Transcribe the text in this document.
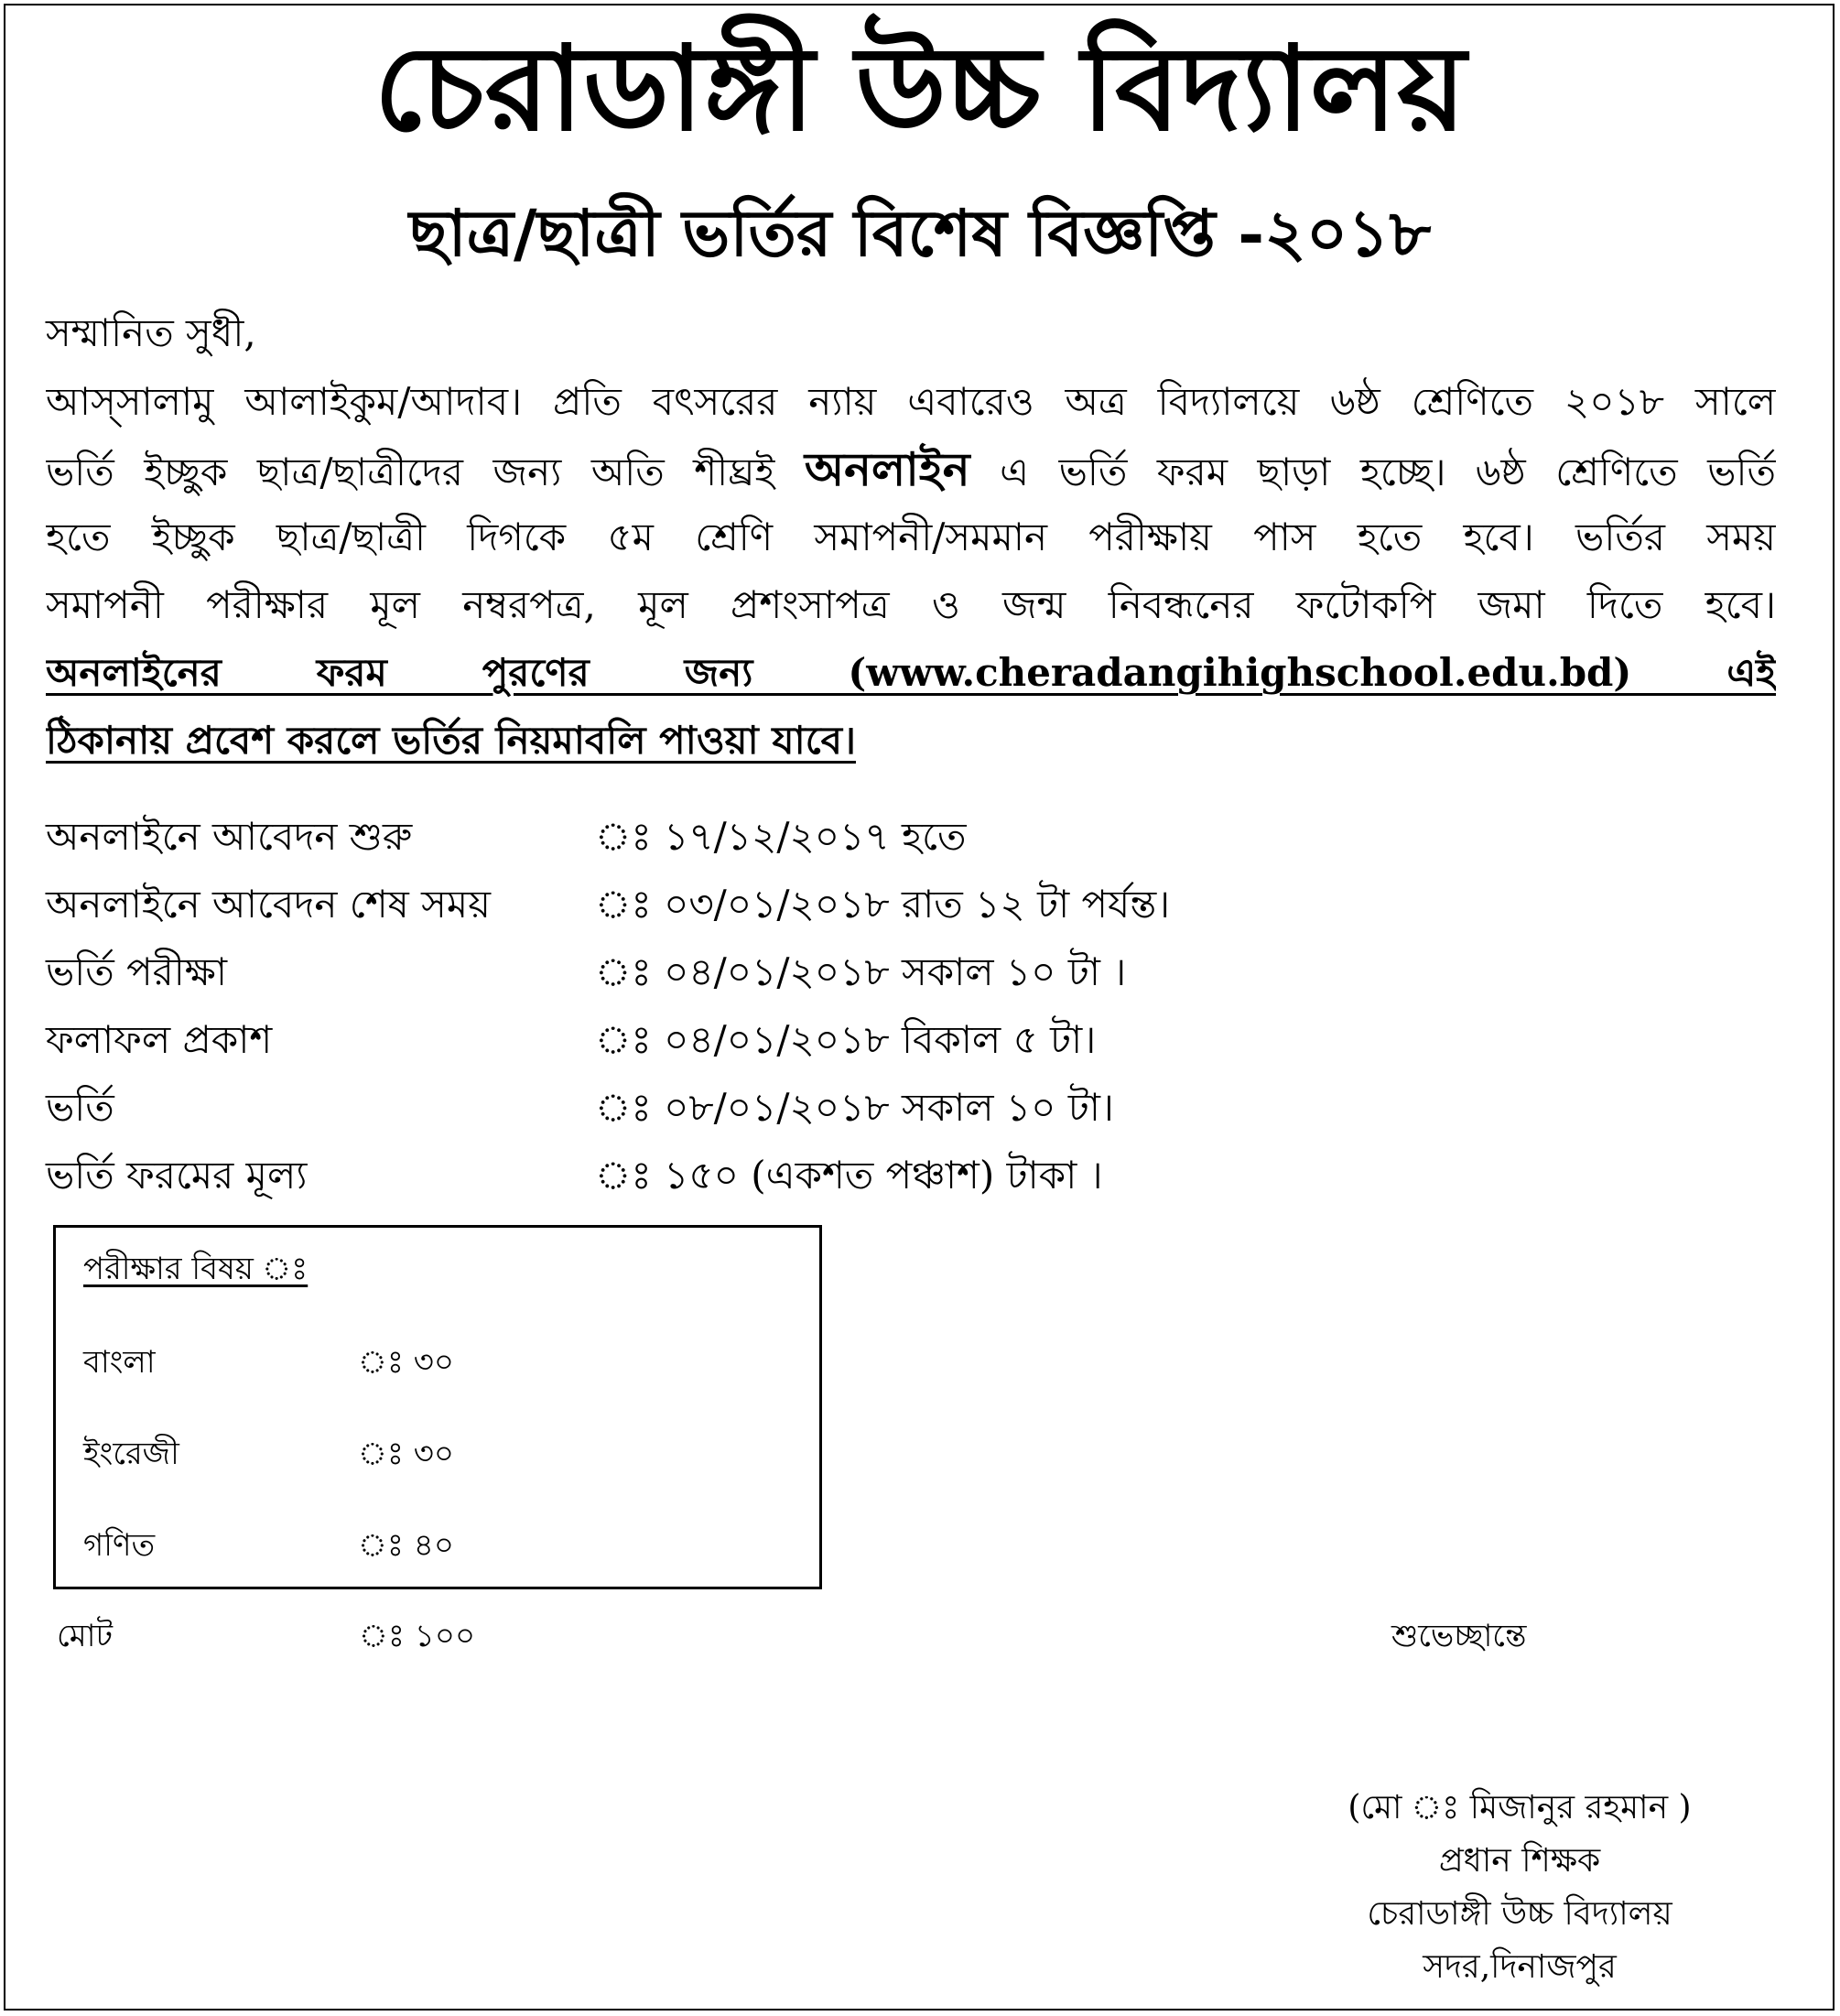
চেরাডাঙ্গী উচ্চ বিদ্যালয়
ছাত্র/ছাত্রী ভর্তির বিশেষ বিজ্ঞপ্তি -২০১৮
সম্মানিত সুধী,
আস্সালামু আলাইকুম/আদাব। প্রতি বৎসরের ন্যায় এবারেও অত্র বিদ্যালয়ে ৬ষ্ঠ শ্রেণিতে ২০১৮ সালে
ভর্তি ইচ্ছুক ছাত্র/ছাত্রীদের জন্য অতি শীঘ্রই অনলাইন এ ভর্তি ফরম ছাড়া হচ্ছে। ৬ষ্ঠ শ্রেণিতে ভর্তি
হতে ইচ্ছুক ছাত্র/ছাত্রী দিগকে ৫ম শ্রেণি সমাপনী/সমমান পরীক্ষায় পাস হতে হবে। ভর্তির সময়
সমাপনী পরীক্ষার মূল নম্বরপত্র, মূল প্রশংসাপত্র ও জন্ম নিবন্ধনের ফটোকপি জমা দিতে হবে।
অনলাইনের ফরম পুরণের জন্য (www.cheradangihighschool.edu.bd) এই
ঠিকানায় প্রবেশ করলে ভর্তির নিয়মাবলি পাওয়া যাবে।
অনলাইনে আবেদন শুরু	ঃ ১৭/১২/২০১৭ হতে
অনলাইনে আবেদন শেষ সময়	ঃ ০৩/০১/২০১৮ রাত ১২ টা পর্যন্ত।
ভর্তি পরীক্ষা	ঃ ০৪/০১/২০১৮ সকাল ১০ টা ।
ফলাফল প্রকাশ	ঃ ০৪/০১/২০১৮ বিকাল ৫ টা।
ভর্তি	ঃ ০৮/০১/২০১৮ সকাল ১০ টা।
ভর্তি ফরমের মূল্য	ঃ ১৫০ (একশত পঞ্চাশ) টাকা ।
পরীক্ষার বিষয় ঃ
বাংলা	ঃ ৩০
ইংরেজী	ঃ ৩০
গণিত	ঃ ৪০
মোট	ঃ ১০০	শুভেচ্ছান্তে
(মো ঃ মিজানুর রহমান )
প্রধান শিক্ষক
চেরাডাঙ্গী উচ্চ বিদ্যালয়
সদর,দিনাজপুর
